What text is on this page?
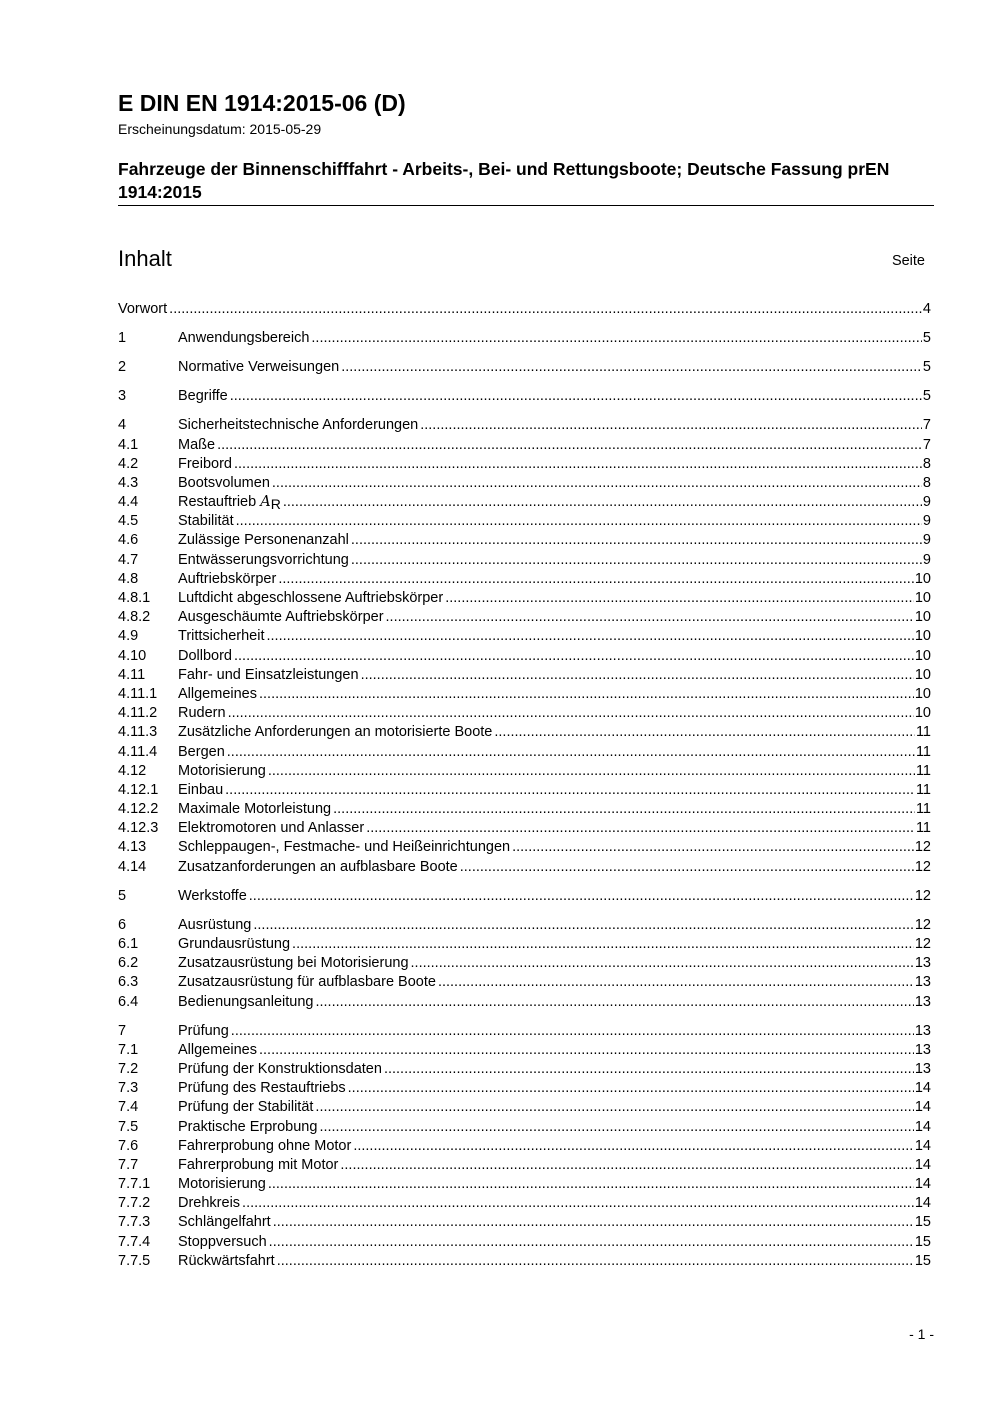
E DIN EN 1914:2015-06 (D)
Erscheinungsdatum: 2015-05-29
Fahrzeuge der Binnenschifffahrt - Arbeits-, Bei- und Rettungsboote; Deutsche Fassung prEN 1914:2015
Inhalt	Seite
Vorwort .....	4
1	Anwendungsbereich .....	5
2	Normative Verweisungen .....	5
3	Begriffe .....	5
4	Sicherheitstechnische Anforderungen .....	7
4.1	Maße .....	7
4.2	Freibord .....	8
4.3	Bootsvolumen .....	8
4.4	Restauftrieb $A_R$ .....	9
4.5	Stabilität .....	9
4.6	Zulässige Personenanzahl .....	9
4.7	Entwässerungsvorrichtung .....	9
4.8	Auftriebskörper .....	10
4.8.1	Luftdicht abgeschlossene Auftriebskörper .....	10
4.8.2	Ausgeschäumte Auftriebskörper .....	10
4.9	Trittsicherheit .....	10
4.10	Dollbord .....	10
4.11	Fahr- und Einsatzleistungen .....	10
4.11.1	Allgemeines .....	10
4.11.2	Rudern .....	10
4.11.3	Zusätzliche Anforderungen an motorisierte Boote .....	11
4.11.4	Bergen .....	11
4.12	Motorisierung .....	11
4.12.1	Einbau .....	11
4.12.2	Maximale Motorleistung .....	11
4.12.3	Elektromotoren und Anlasser .....	11
4.13	Schleppaugen-, Festmache- und Heißeinrichtungen .....	12
4.14	Zusatzanforderungen an aufblasbare Boote .....	12
5	Werkstoffe .....	12
6	Ausrüstung .....	12
6.1	Grundausrüstung .....	12
6.2	Zusatzausrüstung bei Motorisierung .....	13
6.3	Zusatzausrüstung für aufblasbare Boote .....	13
6.4	Bedienungsanleitung .....	13
7	Prüfung .....	13
7.1	Allgemeines .....	13
7.2	Prüfung der Konstruktionsdaten .....	13
7.3	Prüfung des Restauftriebs .....	14
7.4	Prüfung der Stabilität .....	14
7.5	Praktische Erprobung .....	14
7.6	Fahrerprobung ohne Motor .....	14
7.7	Fahrerprobung mit Motor .....	14
7.7.1	Motorisierung .....	14
7.7.2	Drehkreis .....	14
7.7.3	Schlängelfahrt .....	15
7.7.4	Stoppversuch .....	15
7.7.5	Rückwärtsfahrt .....	15
- 1 -
